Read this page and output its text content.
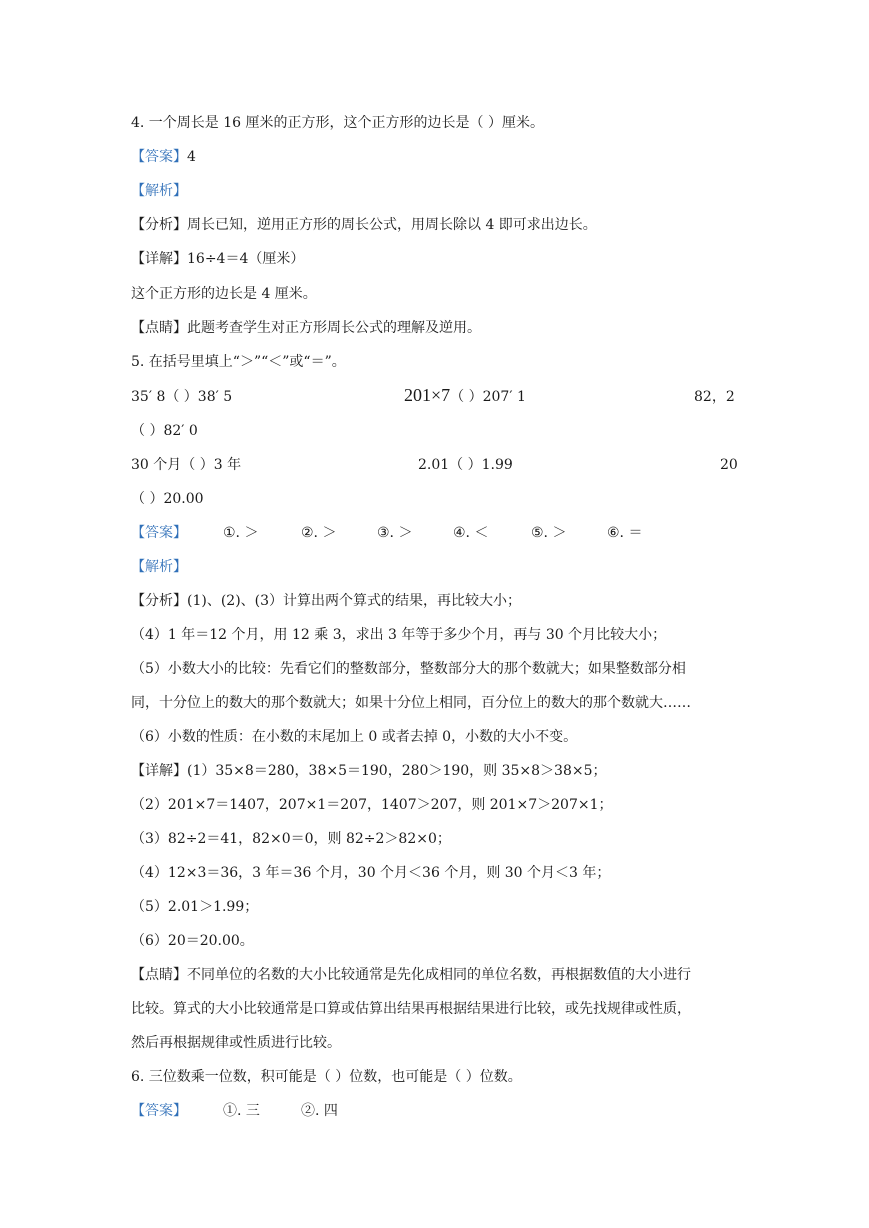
4. 一个周长是 16 厘米的正方形，这个正方形的边长是（ ）厘米。
【答案】4
【解析】
【分析】周长已知，逆用正方形的周长公式，用周长除以 4 即可求出边长。
【详解】16÷4＝4（厘米）
这个正方形的边长是 4 厘米。
【点睛】此题考查学生对正方形周长公式的理解及逆用。
5. 在括号里填上“＞”“＜”或“＝”。
35′ 8（ ）38′ 5	201×7（ ）207′ 1	82，2
（ ）82′ 0
30 个月（ ）3 年	2.01（ ）1.99	20
（ ）20.00
【答案】	①. ＞	②. ＞	③. ＞	④. ＜	⑤. ＞	⑥. ＝
【解析】
【分析】(1)、(2)、(3）计算出两个算式的结果，再比较大小；
（4）1 年＝12 个月，用 12 乘 3，求出 3 年等于多少个月，再与 30 个月比较大小；
（5）小数大小的比较：先看它们的整数部分，整数部分大的那个数就大；如果整数部分相
同，十分位上的数大的那个数就大；如果十分位上相同，百分位上的数大的那个数就大……
（6）小数的性质：在小数的末尾加上 0 或者去掉 0，小数的大小不变。
【详解】(1）35×8＝280，38×5＝190，280＞190，则 35×8＞38×5；
（2）201×7＝1407，207×1＝207，1407＞207，则 201×7＞207×1；
（3）82÷2＝41，82×0＝0，则 82÷2＞82×0；
（4）12×3＝36，3 年＝36 个月，30 个月＜36 个月，则 30 个月＜3 年；
（5）2.01＞1.99；
（6）20＝20.00。
【点睛】不同单位的名数的大小比较通常是先化成相同的单位名数，再根据数值的大小进行
比较。算式的大小比较通常是口算或估算出结果再根据结果进行比较，或先找规律或性质，
然后再根据规律或性质进行比较。
6. 三位数乘一位数，积可能是（ ）位数，也可能是（ ）位数。
【答案】	①. 三	②. 四
